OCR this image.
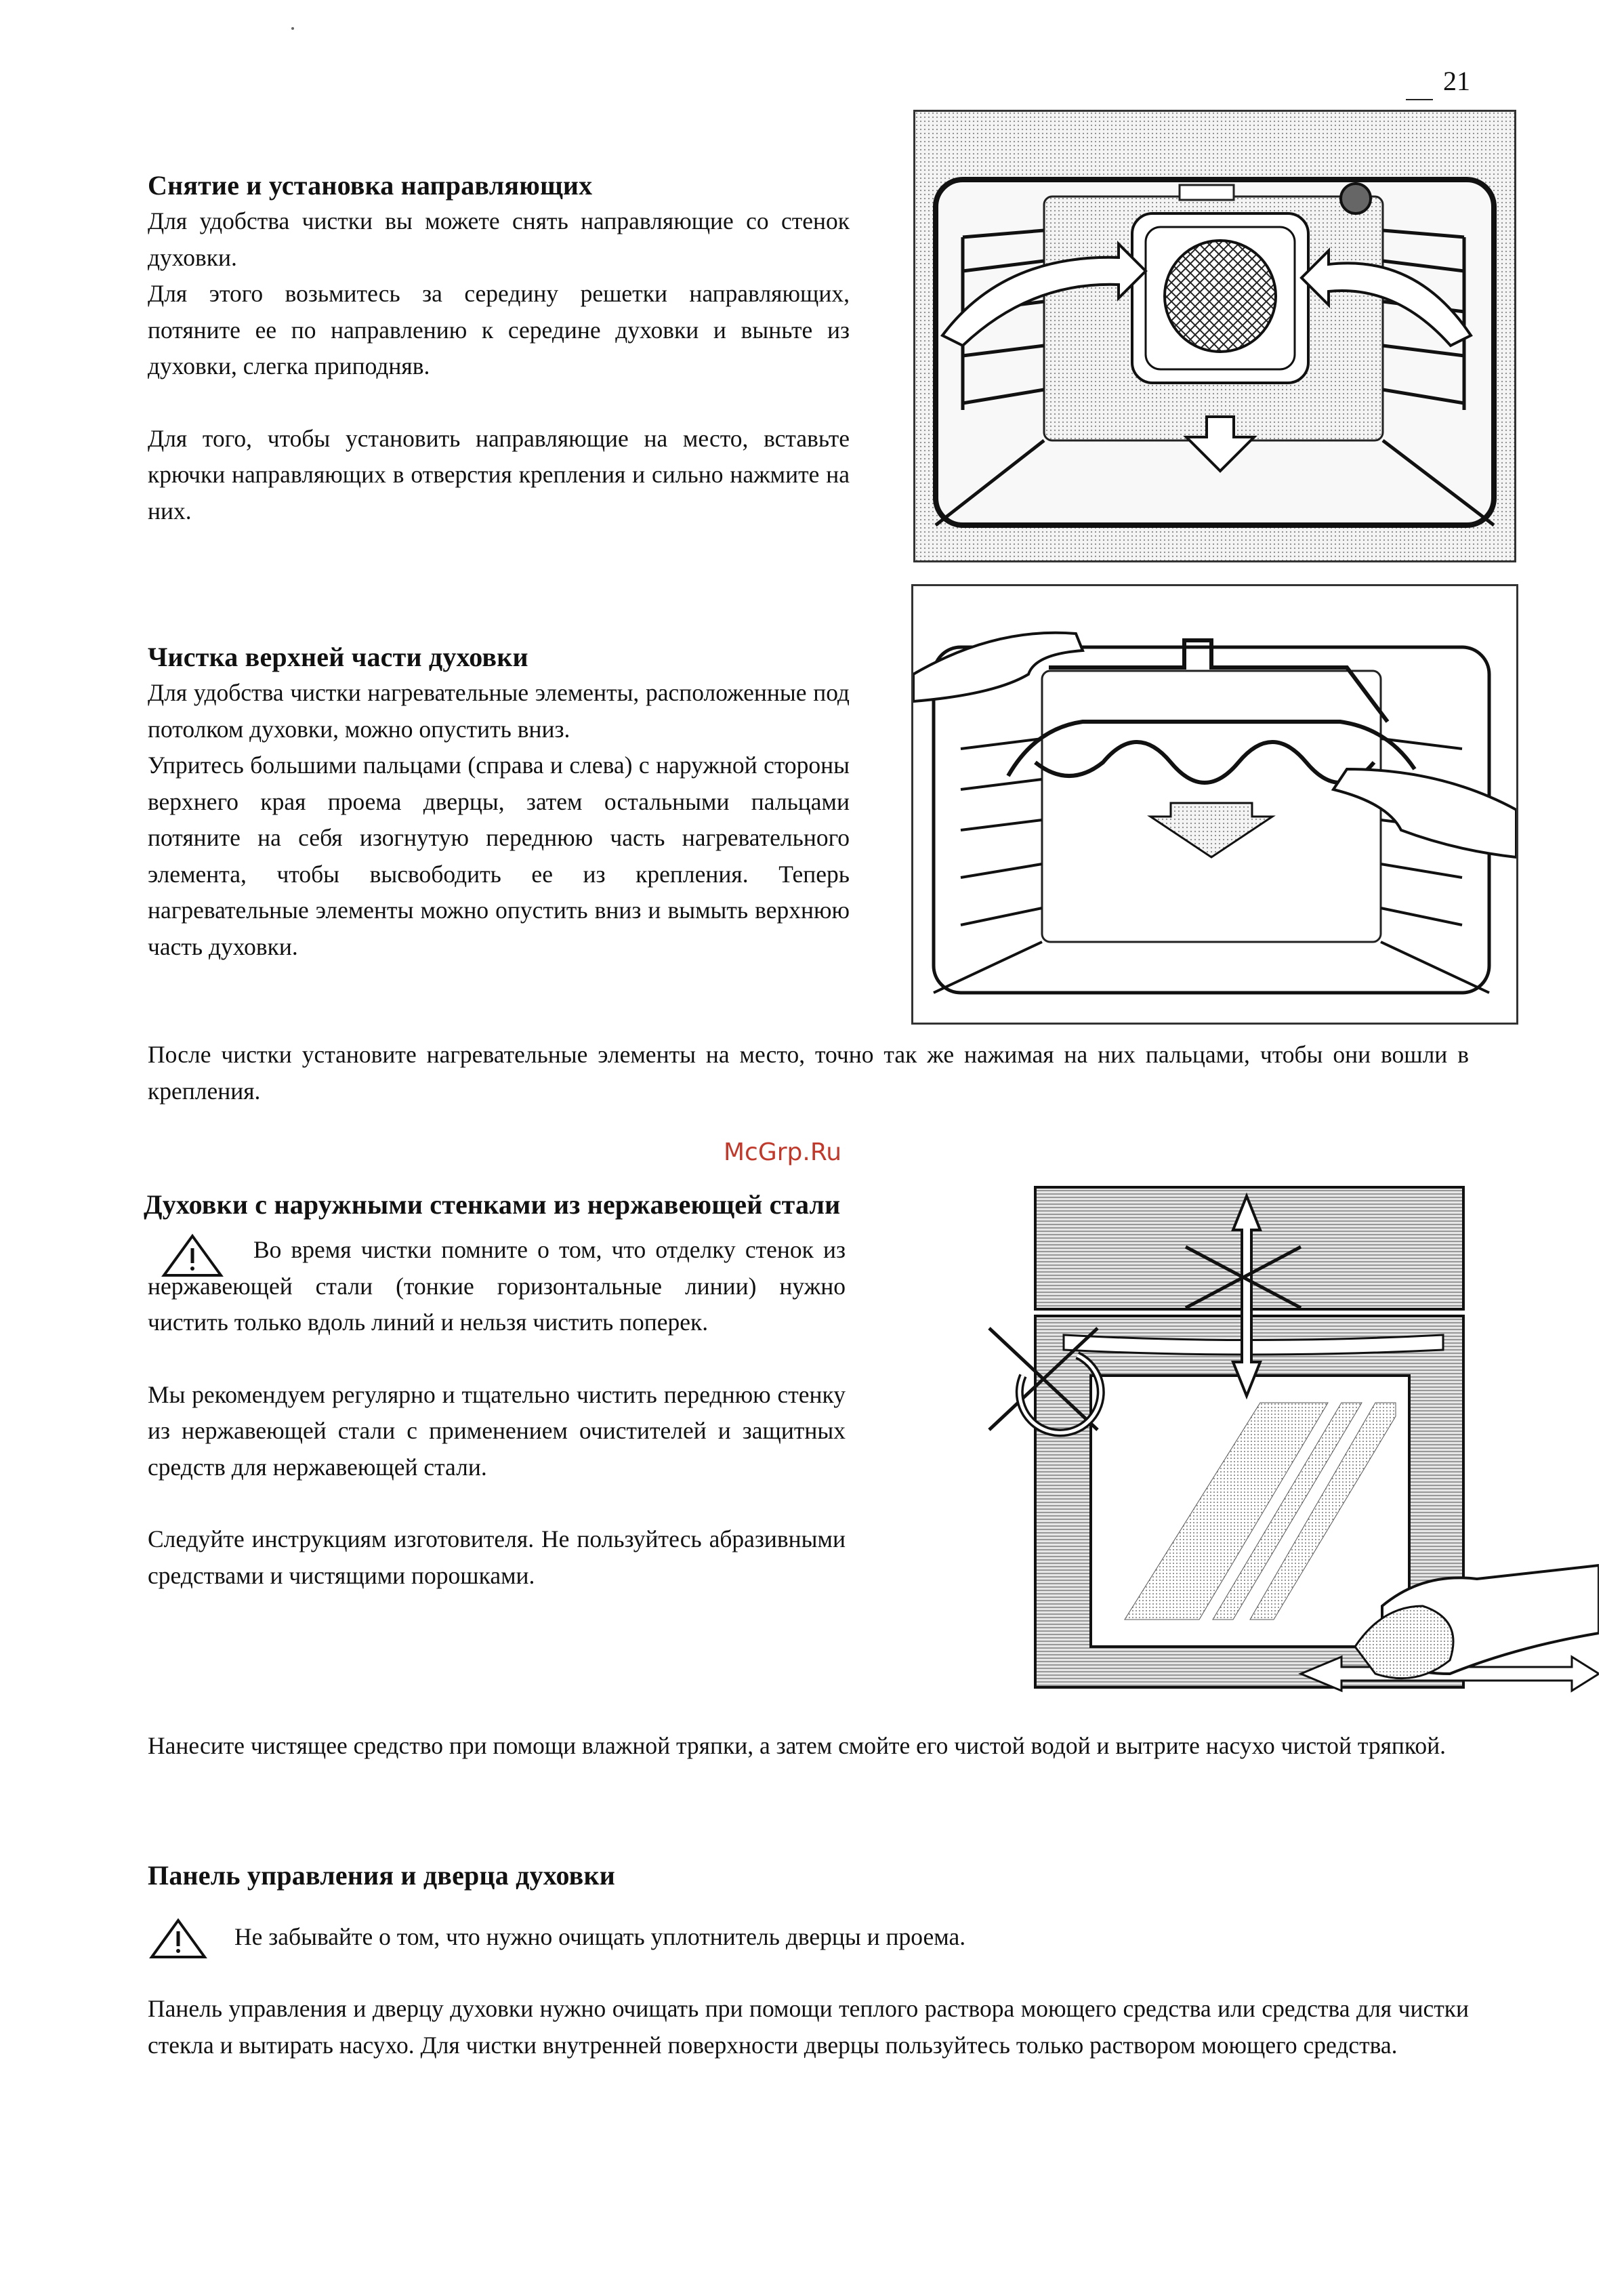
21
Снятие и установка направляющих

Для удобства чистки вы можете снять направляющие со стенок духовки.

Для этого возьмитесь за середину решетки направляющих, потяните ее по направлению к середине духовки и выньте из духовки, слегка приподняв.

Для того, чтобы установить направляющие на место, вставьте крючки направляющих в отверстия крепления и сильно нажмите на них.

Чистка верхней части духовки

Для удобства чистки нагревательные элементы, расположенные под потолком духовки, можно опустить вниз.

Упритесь большими пальцами (справа и слева) с наружной стороны верхнего края проема дверцы, затем остальными пальцами потяните на себя изогнутую переднюю часть нагревательного элемента, чтобы высвободить ее из крепления. Теперь нагревательные элементы можно опустить вниз и вымыть верхнюю часть духовки.

После чистки установите нагревательные элементы на место, точно так же нажимая на них пальцами, чтобы они вошли в крепления.

McGrp.Ru
Духовки с наружными стенками из нержавеющей стали

Во время чистки помните о том, что отделку стенок из нержавеющей стали (тонкие горизонтальные линии) нужно чистить только вдоль линий и нельзя чистить поперек.

Мы рекомендуем регулярно и тщательно чистить переднюю стенку из нержавеющей стали с применением очистителей и защитных средств для нержавеющей стали.

Следуйте инструкциям изготовителя. Не пользуйтесь абразивными средствами и чистящими порошками.

Нанесите чистящее средство при помощи влажной тряпки, а затем смойте его чистой водой и вытрите насухо чистой тряпкой.

Панель управления и дверца духовки

Не забывайте о том, что нужно очищать уплотнитель дверцы и проема.

Панель управления и дверцу духовки нужно очищать при помощи теплого раствора моющего средства или средства для чистки стекла и вытирать насухо. Для чистки внутренней поверхности дверцы пользуйтесь только раствором моющего средства.
